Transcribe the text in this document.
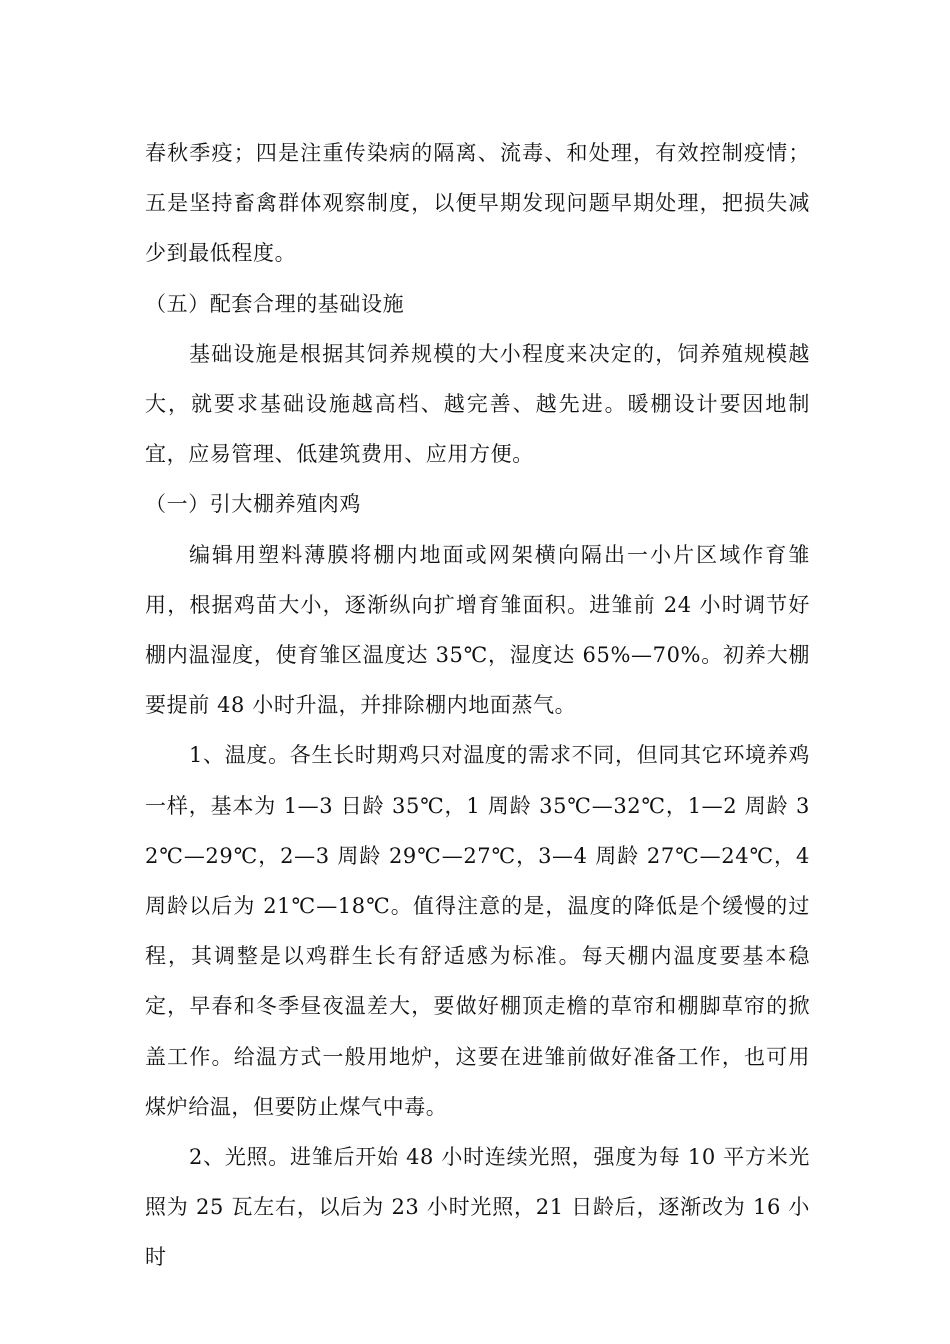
春秋季疫；四是注重传染病的隔离、流毒、和处理，有效控制疫情；五是坚持畜禽群体观察制度，以便早期发现问题早期处理，把损失减少到最低程度。

（五）配套合理的基础设施

基础设施是根据其饲养规模的大小程度来决定的，饲养殖规模越大，就要求基础设施越高档、越完善、越先进。暖棚设计要因地制宜，应易管理、低建筑费用、应用方便。

（一）引大棚养殖肉鸡

编辑用塑料薄膜将棚内地面或网架横向隔出一小片区域作育雏用，根据鸡苗大小，逐渐纵向扩增育雏面积。进雏前 24 小时调节好棚内温湿度，使育雏区温度达 35℃，湿度达 65%—70%。初养大棚要提前 48 小时升温，并排除棚内地面蒸气。

1、温度。各生长时期鸡只对温度的需求不同，但同其它环境养鸡一样，基本为 1—3 日龄 35℃，1 周龄 35℃—32℃，1—2 周龄 32℃—29℃，2—3 周龄 29℃—27℃，3—4 周龄 27℃—24℃，4 周龄以后为 21℃—18℃。值得注意的是，温度的降低是个缓慢的过程，其调整是以鸡群生长有舒适感为标准。每天棚内温度要基本稳定，早春和冬季昼夜温差大，要做好棚顶走檐的草帘和棚脚草帘的掀盖工作。给温方式一般用地炉，这要在进雏前做好准备工作，也可用煤炉给温，但要防止煤气中毒。

2、光照。进雏后开始 48 小时连续光照，强度为每 10 平方米光照为 25 瓦左右，以后为 23 小时光照，21 日龄后，逐渐改为 16 小时
